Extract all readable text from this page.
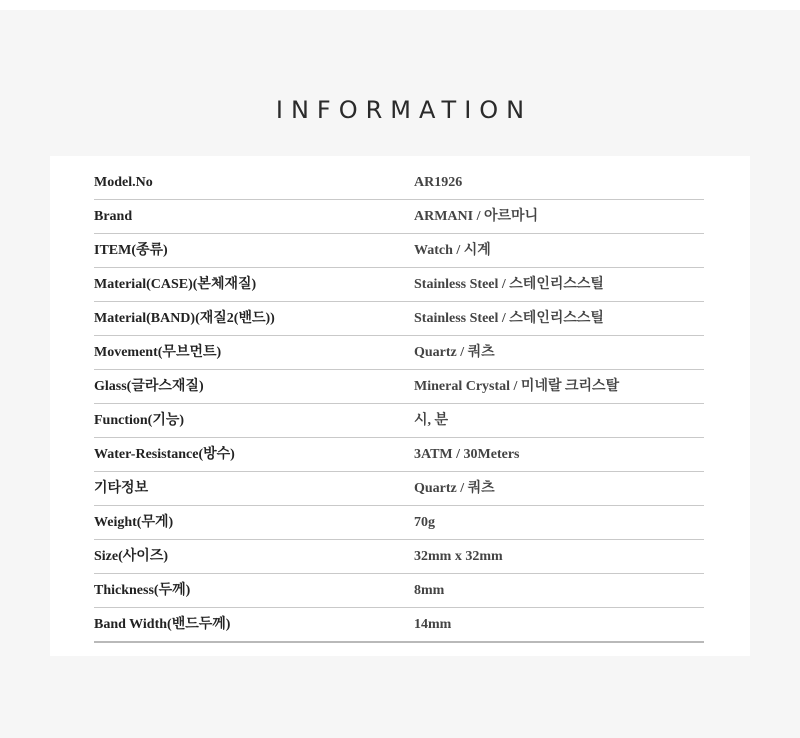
INFORMATION
Model.No	AR1926
Brand	ARMANI / 아르마니
ITEM(종류)	Watch / 시계
Material(CASE)(본체재질)	Stainless Steel / 스테인리스스틸
Material(BAND)(재질2(밴드))	Stainless Steel / 스테인리스스틸
Movement(무브먼트)	Quartz / 쿼츠
Glass(글라스재질)	Mineral Crystal / 미네랄 크리스탈
Function(기능)	시, 분
Water-Resistance(방수)	3ATM / 30Meters
기타정보	Quartz / 쿼츠
Weight(무게)	70g
Size(사이즈)	32mm x 32mm
Thickness(두께)	8mm
Band Width(밴드두께)	14mm
